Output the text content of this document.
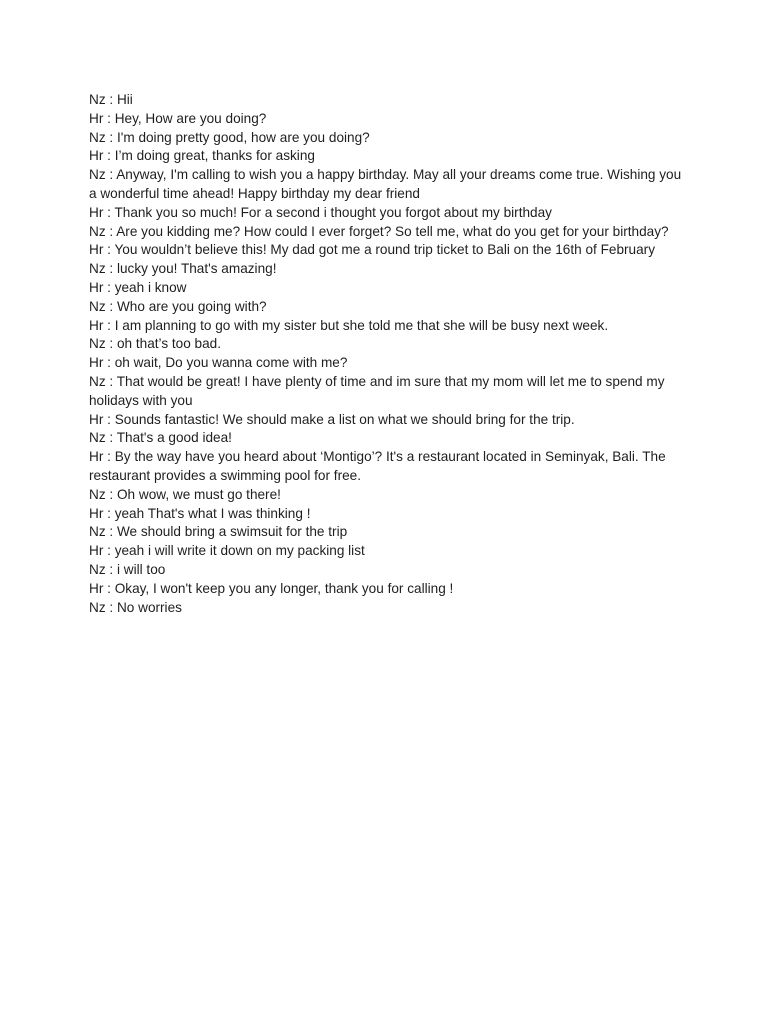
Nz : Hii
Hr : Hey, How are you doing?
Nz : I'm doing pretty good, how are you doing?
Hr : I’m doing great, thanks for asking
Nz : Anyway, I'm calling to wish you a happy birthday. May all your dreams come true. Wishing you a wonderful time ahead! Happy birthday my dear friend
Hr : Thank you so much! For a second i thought you forgot about my birthday
Nz : Are you kidding me? How could I ever forget? So tell me, what do you get for your birthday?
Hr : You wouldn’t believe this! My dad got me a round trip ticket to Bali on the 16th of February
Nz : lucky you! That's amazing!
Hr : yeah i know
Nz : Who are you going with?
Hr : I am planning to go with my sister but she told me that she will be busy next week.
Nz : oh that’s too bad.
Hr : oh wait, Do you wanna come with me?
Nz : That would be great! I have plenty of time and im sure that my mom will let me to spend my holidays with you
Hr : Sounds fantastic! We should make a list on what we should bring for the trip.
Nz : That's a good idea!
Hr : By the way have you heard about ‘Montigo’? It's a restaurant located in Seminyak, Bali. The restaurant provides a swimming pool for free.
Nz : Oh wow, we must go there!
Hr : yeah That's what I was thinking !
Nz : We should bring a swimsuit for the trip
Hr : yeah i will write it down on my packing list
Nz : i will too
Hr : Okay, I won't keep you any longer, thank you for calling !
Nz : No worries
